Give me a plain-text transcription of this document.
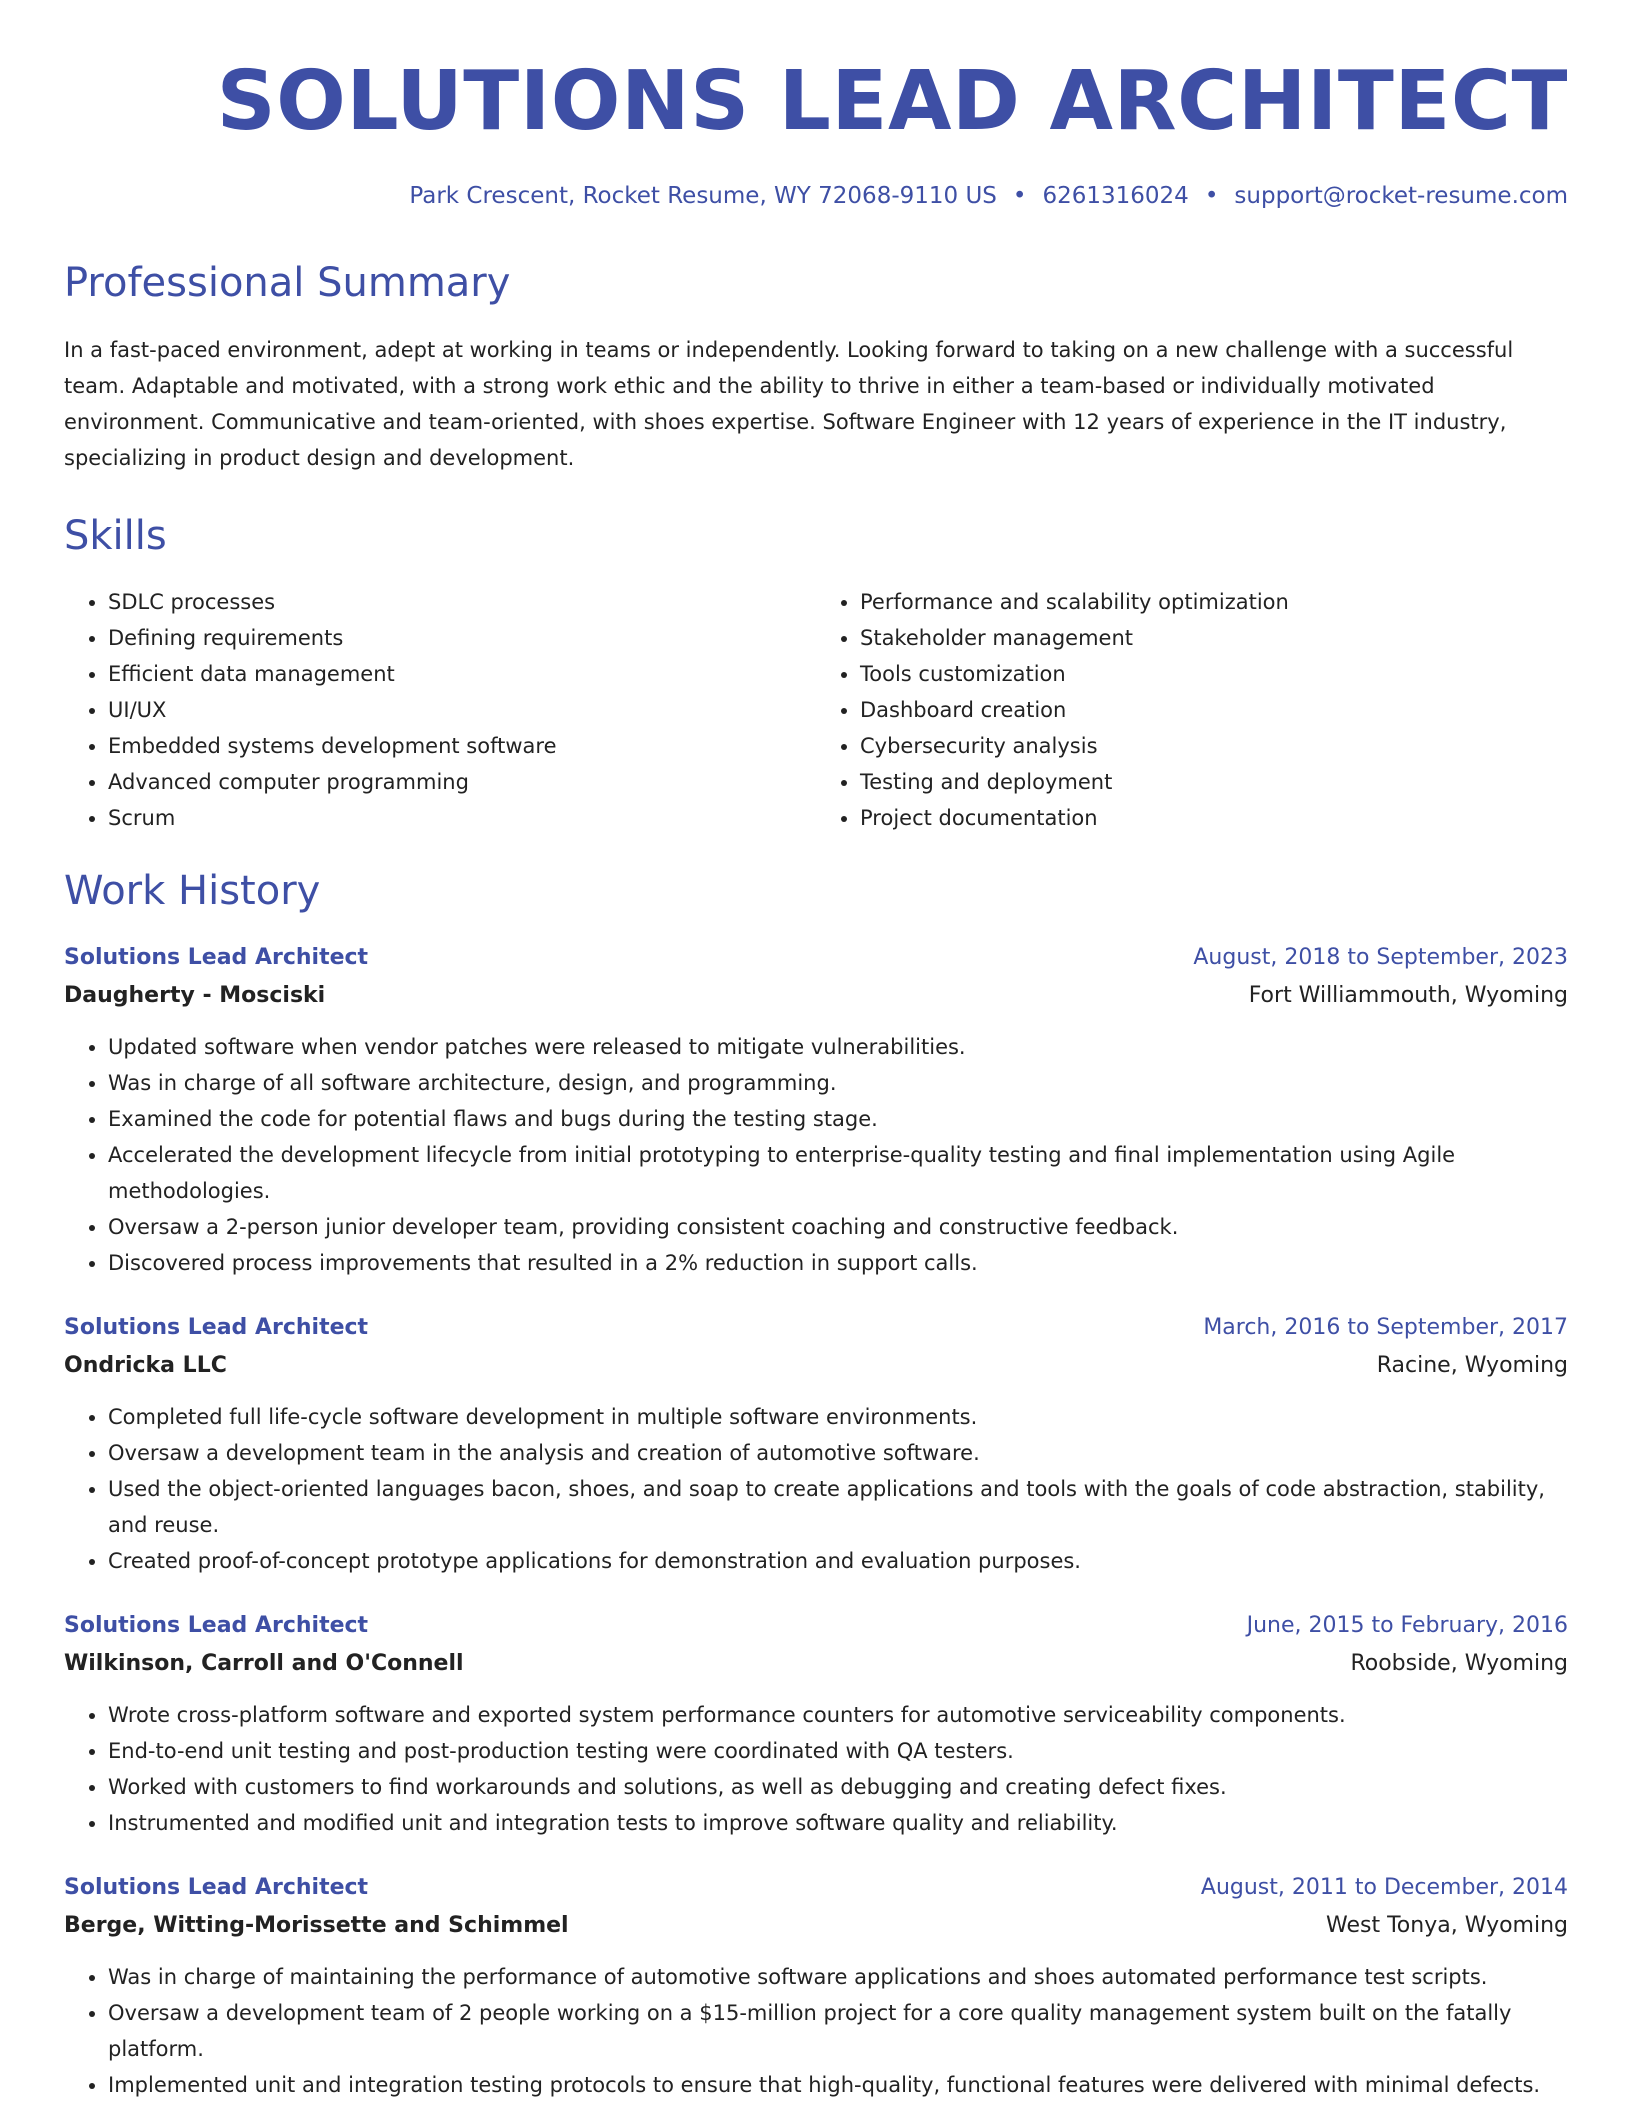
SOLUTIONS LEAD ARCHITECT
Park Crescent, Rocket Resume, WY 72068-9110 US • 6261316024 • support@rocket-resume.com
Professional Summary

In a fast-paced environment, adept at working in teams or independently. Looking forward to taking on a new challenge with a successful team. Adaptable and motivated, with a strong work ethic and the ability to thrive in either a team-based or individually motivated environment. Communicative and team-oriented, with shoes expertise. Software Engineer with 12 years of experience in the IT industry, specializing in product design and development.

Skills
• SDLC processes
• Defining requirements
• Efficient data management
• UI/UX
• Embedded systems development software
• Advanced computer programming
• Scrum
• Performance and scalability optimization
• Stakeholder management
• Tools customization
• Dashboard creation
• Cybersecurity analysis
• Testing and deployment
• Project documentation
Work History
Solutions Lead Architect	August, 2018 to September, 2023
Daugherty - Mosciski	Fort Williammouth, Wyoming
• Updated software when vendor patches were released to mitigate vulnerabilities.
• Was in charge of all software architecture, design, and programming.
• Examined the code for potential flaws and bugs during the testing stage.
• Accelerated the development lifecycle from initial prototyping to enterprise-quality testing and final implementation using Agile methodologies.
• Oversaw a 2-person junior developer team, providing consistent coaching and constructive feedback.
• Discovered process improvements that resulted in a 2% reduction in support calls.
Solutions Lead Architect	March, 2016 to September, 2017
Ondricka LLC	Racine, Wyoming
• Completed full life-cycle software development in multiple software environments.
• Oversaw a development team in the analysis and creation of automotive software.
• Used the object-oriented languages bacon, shoes, and soap to create applications and tools with the goals of code abstraction, stability, and reuse.
• Created proof-of-concept prototype applications for demonstration and evaluation purposes.
Solutions Lead Architect	June, 2015 to February, 2016
Wilkinson, Carroll and O'Connell	Roobside, Wyoming
• Wrote cross-platform software and exported system performance counters for automotive serviceability components.
• End-to-end unit testing and post-production testing were coordinated with QA testers.
• Worked with customers to find workarounds and solutions, as well as debugging and creating defect fixes.
• Instrumented and modified unit and integration tests to improve software quality and reliability.
Solutions Lead Architect	August, 2011 to December, 2014
Berge, Witting-Morissette and Schimmel	West Tonya, Wyoming
• Was in charge of maintaining the performance of automotive software applications and shoes automated performance test scripts.
• Oversaw a development team of 2 people working on a $15-million project for a core quality management system built on the fatally platform.
• Implemented unit and integration testing protocols to ensure that high-quality, functional features were delivered with minimal defects.
